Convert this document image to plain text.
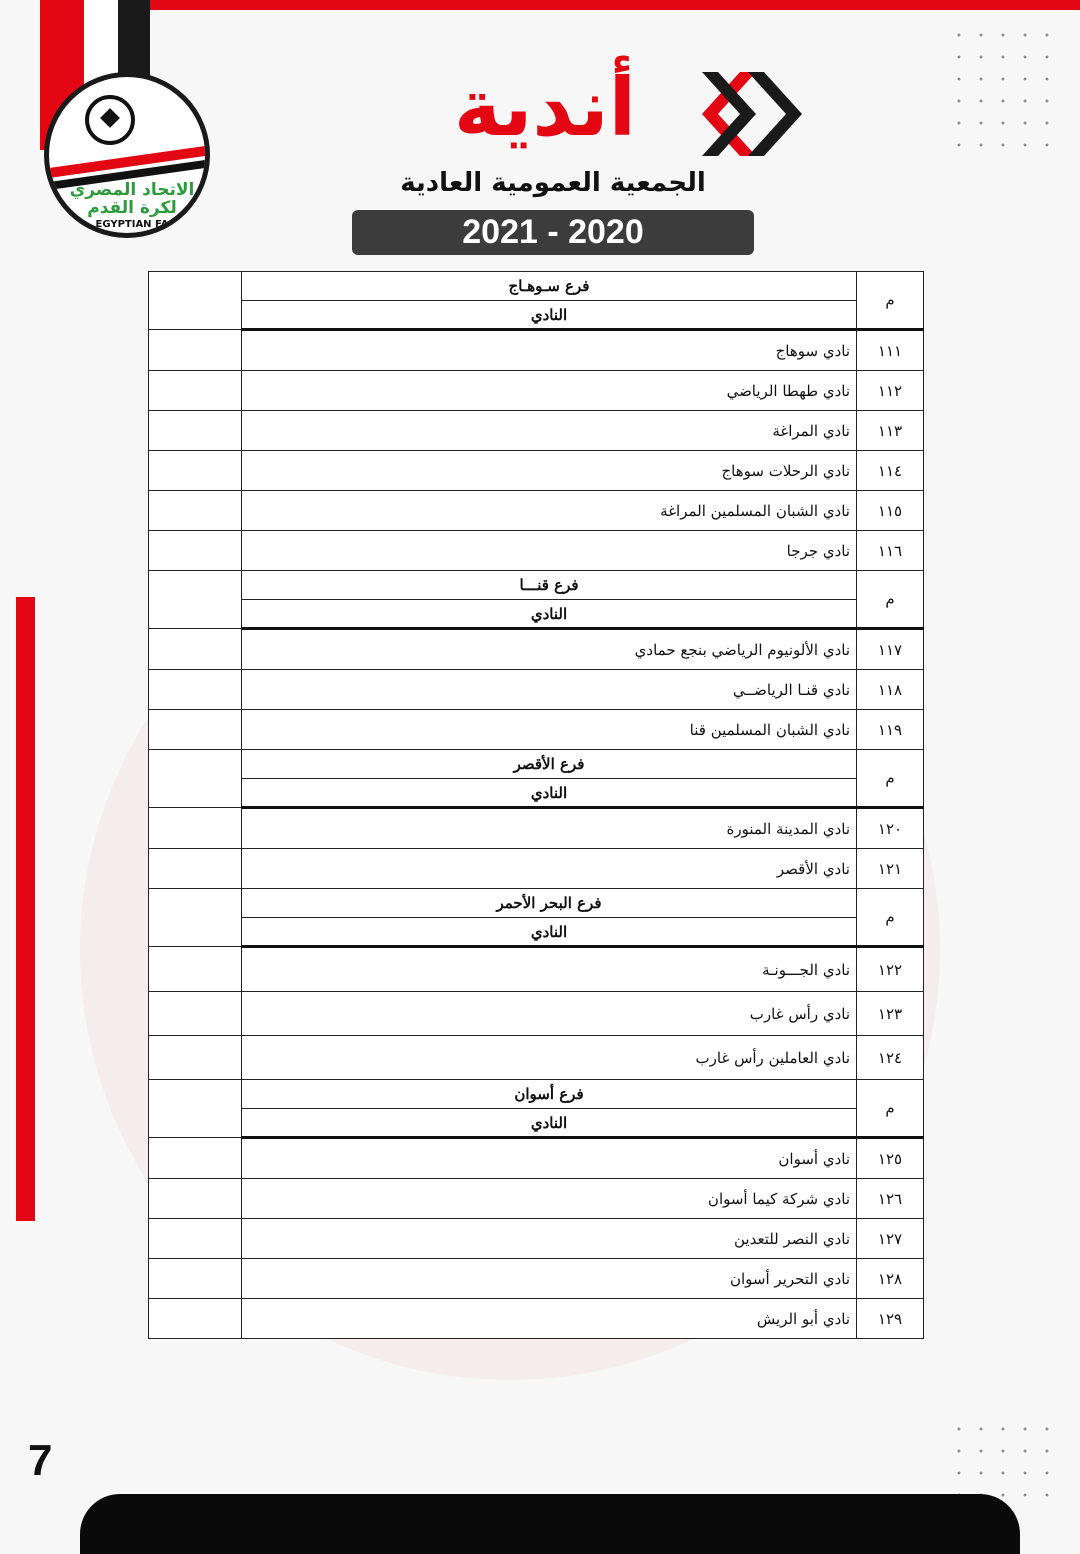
الاتحاد المصري
لكرة القدم
EGYPTIAN FA
أندية
الجمعية العمومية العادية
2021 - 2020
	فرع سـوهـاج	م
	النادي	
	نادي سوهاج	١١١
	نادي طهطا الرياضي	١١٢
	نادي المراغة	١١٣
	نادي الرحلات سوهاج	١١٤
	نادي الشبان المسلمين المراغة	١١٥
	نادي جرجا	١١٦
	فرع قنـــا	م
	النادي	
	نادي الألونيوم الرياضي بنجع حمادي	١١٧
	نادي قنـا الرياضــي	١١٨
	نادي الشبان المسلمين قنا	١١٩
	فرع الأقصر	م
	النادي	
	نادي المدينة المنورة	١٢٠
	نادي الأقصر	١٢١
	فرع البحر الأحمر	م
	النادي	
	نادي الجـــونـة	١٢٢
	نادي رأس غارب	١٢٣
	نادي العاملين رأس غارب	١٢٤
	فرع أسوان	م
	النادي	
	نادي أسوان	١٢٥
	نادي شركة كيما أسوان	١٢٦
	نادي النصر للتعدين	١٢٧
	نادي التحرير أسوان	١٢٨
	نادي أبو الريش	١٢٩
7
